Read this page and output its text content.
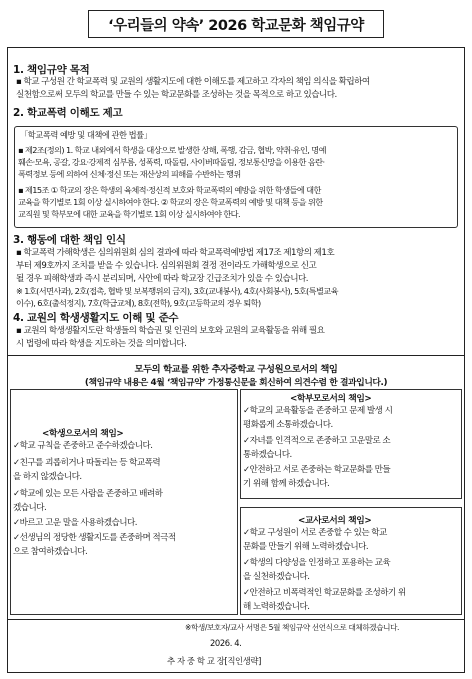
‘우리들의 약속’ 2026 학교문화 책임규약
1. 책임규약 목적
▪ 학교 구성원 간 학교폭력 및 교원의 생활지도에 대한 이해도를 제고하고 각자의 책임 의식을 확립하여
실천함으로써 모두의 학교를 만들 수 있는 학교문화를 조성하는 것을 목적으로 하고 있습니다.
2. 학교폭력 이해도 제고
「학교폭력 예방 및 대책에 관한 법률」
▪ 제2조(정의) 1. 학교 내외에서 학생을 대상으로 발생한 상해, 폭행, 감금, 협박, 약취·유인, 명예
훼손·모욕, 공갈, 강요·강제적 심부름, 성폭력, 따돌림, 사이버따돌림, 정보통신망을 이용한 음란·
폭력정보 등에 의하여 신체·정신 또는 재산상의 피해를 수반하는 행위
▪ 제15조 ① 학교의 장은 학생의 육체적·정신적 보호와 학교폭력의 예방을 위한 학생들에 대한
교육을 학기별로 1회 이상 실시하여야 한다. ② 학교의 장은 학교폭력의 예방 및 대책 등을 위한
교직원 및 학부모에 대한 교육을 학기별로 1회 이상 실시하여야 한다.
3. 행동에 대한 책임 인식
▪ 학교폭력 가해학생은 심의위원회 심의 결과에 따라 학교폭력예방법 제17조 제1항의 제1호
부터 제9호까지 조치를 받을 수 있습니다. 심의위원회 결정 전이라도 가해학생으로 신고
될 경우 피해학생과 즉시 분리되며, 사안에 따라 학교장 긴급조치가 있을 수 있습니다.
※ 1호(서면사과), 2호(접촉, 협박 및 보복행위의 금지), 3호(교내봉사), 4호(사회봉사), 5호(특별교육
이수), 6호(출석정지), 7호(학급교체), 8호(전학), 9호(고등학교의 경우 퇴학)
4. 교원의 학생생활지도 이해 및 준수
▪ 교원의 학생생활지도란 학생들의 학습권 및 인권의 보호와 교원의 교육활동을 위해 필요
시 법령에 따라 학생을 지도하는 것을 의미합니다.
모두의 학교를 위한 추자중학교 구성원으로서의 책임
(책임규약 내용은 4월 ‘책임규약’ 가정통신문을 회신하여 의견수렴 한 결과입니다.)
<학생으로서의 책임>
✓학교 규칙을 존중하고 준수하겠습니다.
✓친구를 괴롭히거나 따돌리는 등 학교폭력
을 하지 않겠습니다.
✓학교에 있는 모든 사람을 존중하고 배려하
겠습니다.
✓바르고 고운 말을 사용하겠습니다.
✓선생님의 정당한 생활지도를 존중하며 적극적
으로 참여하겠습니다.
<학부모로서의 책임>
✓학교의 교육활동을 존중하고 문제 발생 시
평화롭게 소통하겠습니다.
✓자녀를 인격적으로 존중하고 고운말로 소
통하겠습니다.
✓안전하고 서로 존중하는 학교문화를 만들
기 위해 함께 하겠습니다.
<교사로서의 책임>
✓학교 구성원이 서로 존중할 수 있는 학교
문화를 만들기 위해 노력하겠습니다.
✓학생의 다양성을 인정하고 포용하는 교육
을 실천하겠습니다.
✓안전하고 비폭력적인 학교문화를 조성하기 위
해 노력하겠습니다.
※학생/보호자/교사 서명은 5월 책임규약 선언식으로 대체하겠습니다.
2026. 4.
추 자 중 학 교 장[직인생략]
